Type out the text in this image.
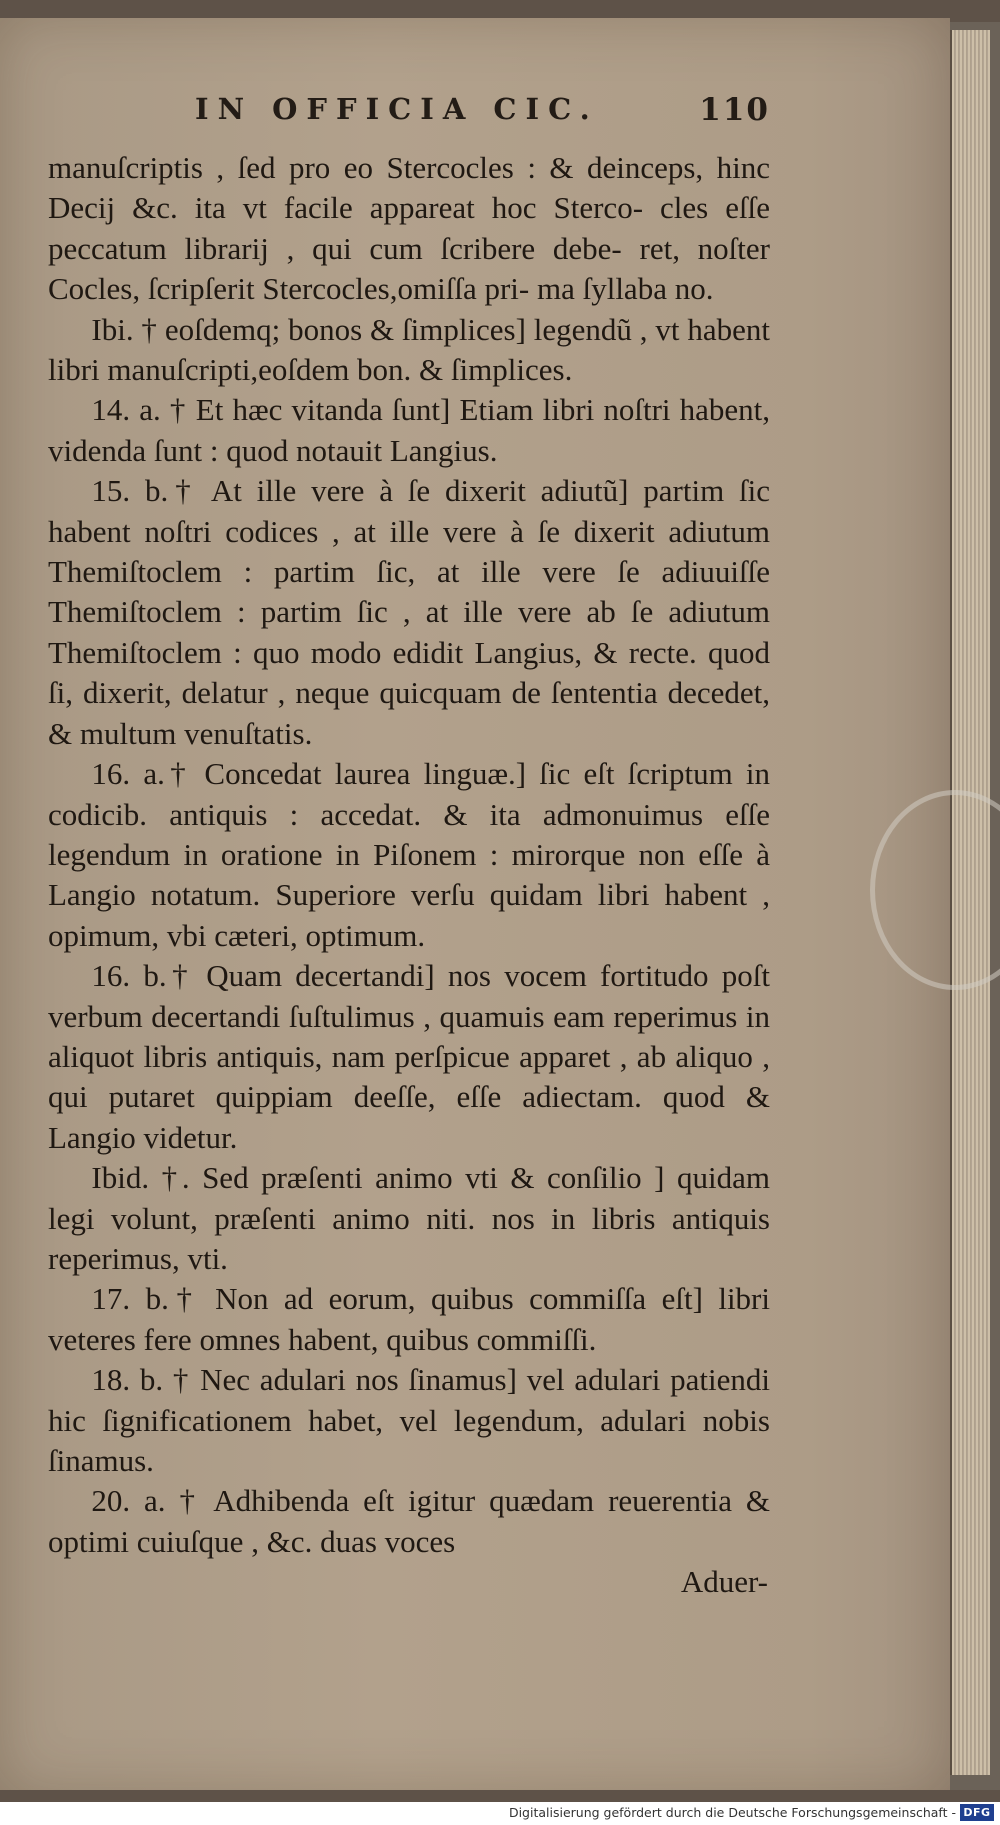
IN OFFICIA CIC.	110

manuſcriptis , ſed pro eo Stercocles : & deinceps, hinc Decij &c. ita vt facile appareat hoc Sterco- cles eſſe peccatum librarij , qui cum ſcribere debe- ret, noſter Cocles, ſcripſerit Stercocles,omiſſa pri- ma ſyllaba no.

Ibi. † eoſdemq; bonos & ſimplices] legendũ , vt habent libri manuſcripti,eoſdem bon. & ſimplices.

14. a. † Et hæc vitanda ſunt] Etiam libri noſtri habent, videnda ſunt : quod notauit Langius.

15. b.† At ille vere à ſe dixerit adiutũ] partim ſic habent noſtri codices , at ille vere à ſe dixerit adiutum Themiſtoclem : partim ſic, at ille vere ſe adiuuiſſe Themiſtoclem : partim ſic , at ille vere ab ſe adiutum Themiſtoclem : quo modo edidit Langius, & recte. quod ſi, dixerit, delatur , neque quicquam de ſententia decedet, & multum venuſtatis.

16. a.† Concedat laurea linguæ.] ſic eſt ſcriptum in codicib. antiquis : accedat. & ita admonuimus eſſe legendum in oratione in Piſonem : mirorque non eſſe à Langio notatum. Superiore verſu quidam libri habent , opimum, vbi cæteri, optimum.

16. b.† Quam decertandi] nos vocem fortitudo poſt verbum decertandi ſuſtulimus , quamuis eam reperimus in aliquot libris antiquis, nam perſpicue apparet , ab aliquo , qui putaret quippiam deeſſe, eſſe adiectam. quod & Langio videtur.

Ibid. †. Sed præſenti animo vti & conſilio ] quidam legi volunt, præſenti animo niti. nos in libris antiquis reperimus, vti.

17. b.† Non ad eorum, quibus commiſſa eſt] libri veteres fere omnes habent, quibus commiſſi.

18. b. † Nec adulari nos ſinamus] vel adulari patiendi hic ſignificationem habet, vel legendum, adulari nobis ſinamus.

20. a. † Adhibenda eſt igitur quædam reuerentia & optimi cuiuſque , &c. duas voces

Aduer-

Digitalisierung gefördert durch die Deutsche Forschungsgemeinschaft - DFG
